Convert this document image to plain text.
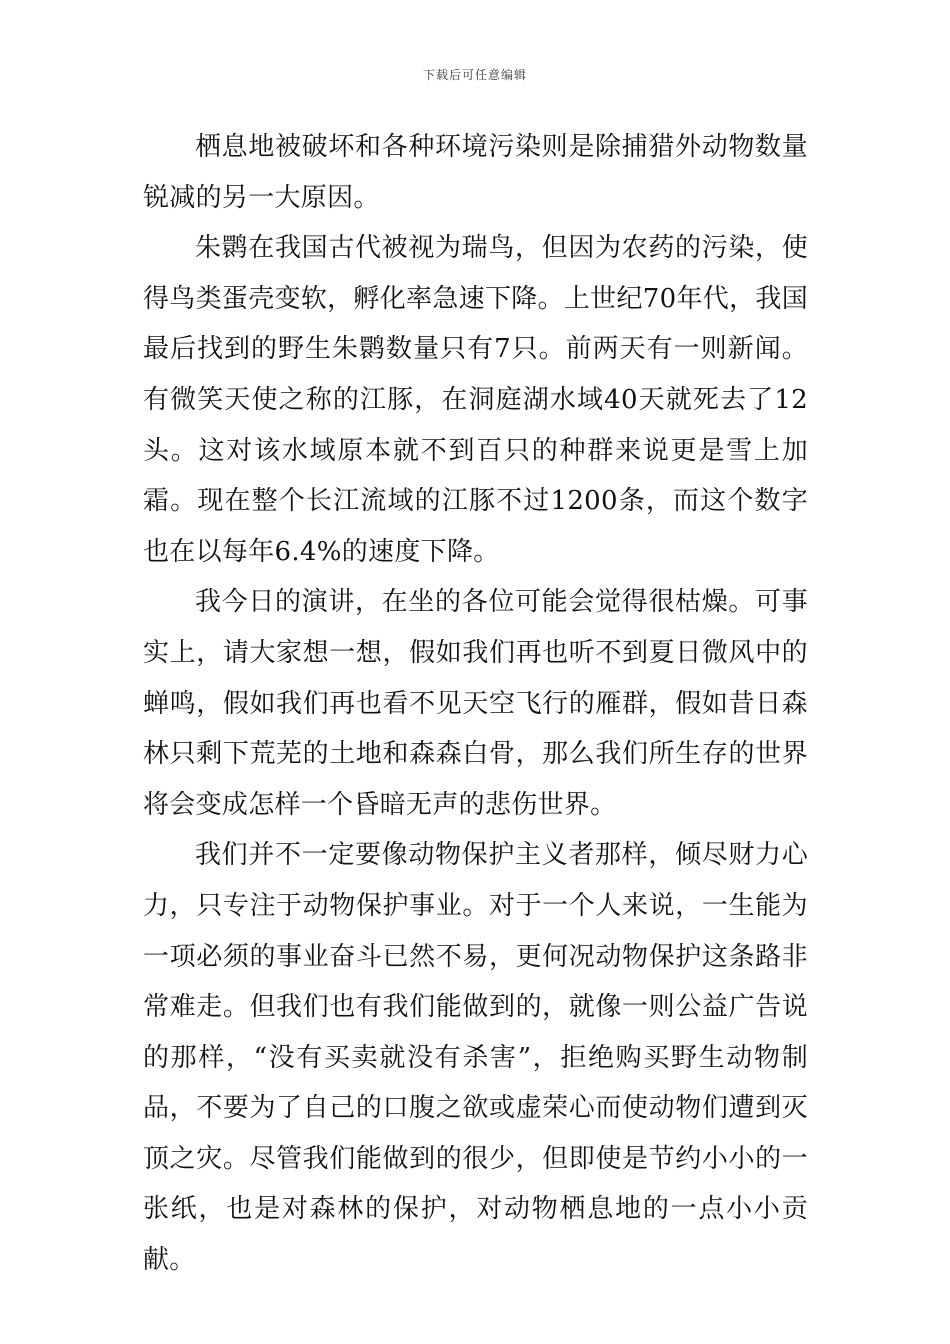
下载后可任意编辑

栖息地被破坏和各种环境污染则是除捕猎外动物数量锐减的另一大原因。

朱鹮在我国古代被视为瑞鸟，但因为农药的污染，使得鸟类蛋壳变软，孵化率急速下降。上世纪70年代，我国最后找到的野生朱鹮数量只有7只。前两天有一则新闻。有微笑天使之称的江豚，在洞庭湖水域40天就死去了12头。这对该水域原本就不到百只的种群来说更是雪上加霜。现在整个长江流域的江豚不过1200条，而这个数字也在以每年6.4%的速度下降。

我今日的演讲，在坐的各位可能会觉得很枯燥。可事实上，请大家想一想，假如我们再也听不到夏日微风中的蝉鸣，假如我们再也看不见天空飞行的雁群，假如昔日森林只剩下荒芜的土地和森森白骨，那么我们所生存的世界将会变成怎样一个昏暗无声的悲伤世界。

我们并不一定要像动物保护主义者那样，倾尽财力心力，只专注于动物保护事业。对于一个人来说，一生能为一项必须的事业奋斗已然不易，更何况动物保护这条路非常难走。但我们也有我们能做到的，就像一则公益广告说的那样，“没有买卖就没有杀害”，拒绝购买野生动物制品，不要为了自己的口腹之欲或虚荣心而使动物们遭到灭顶之灾。尽管我们能做到的很少，但即使是节约小小的一张纸，也是对森林的保护，对动物栖息地的一点小小贡献。
